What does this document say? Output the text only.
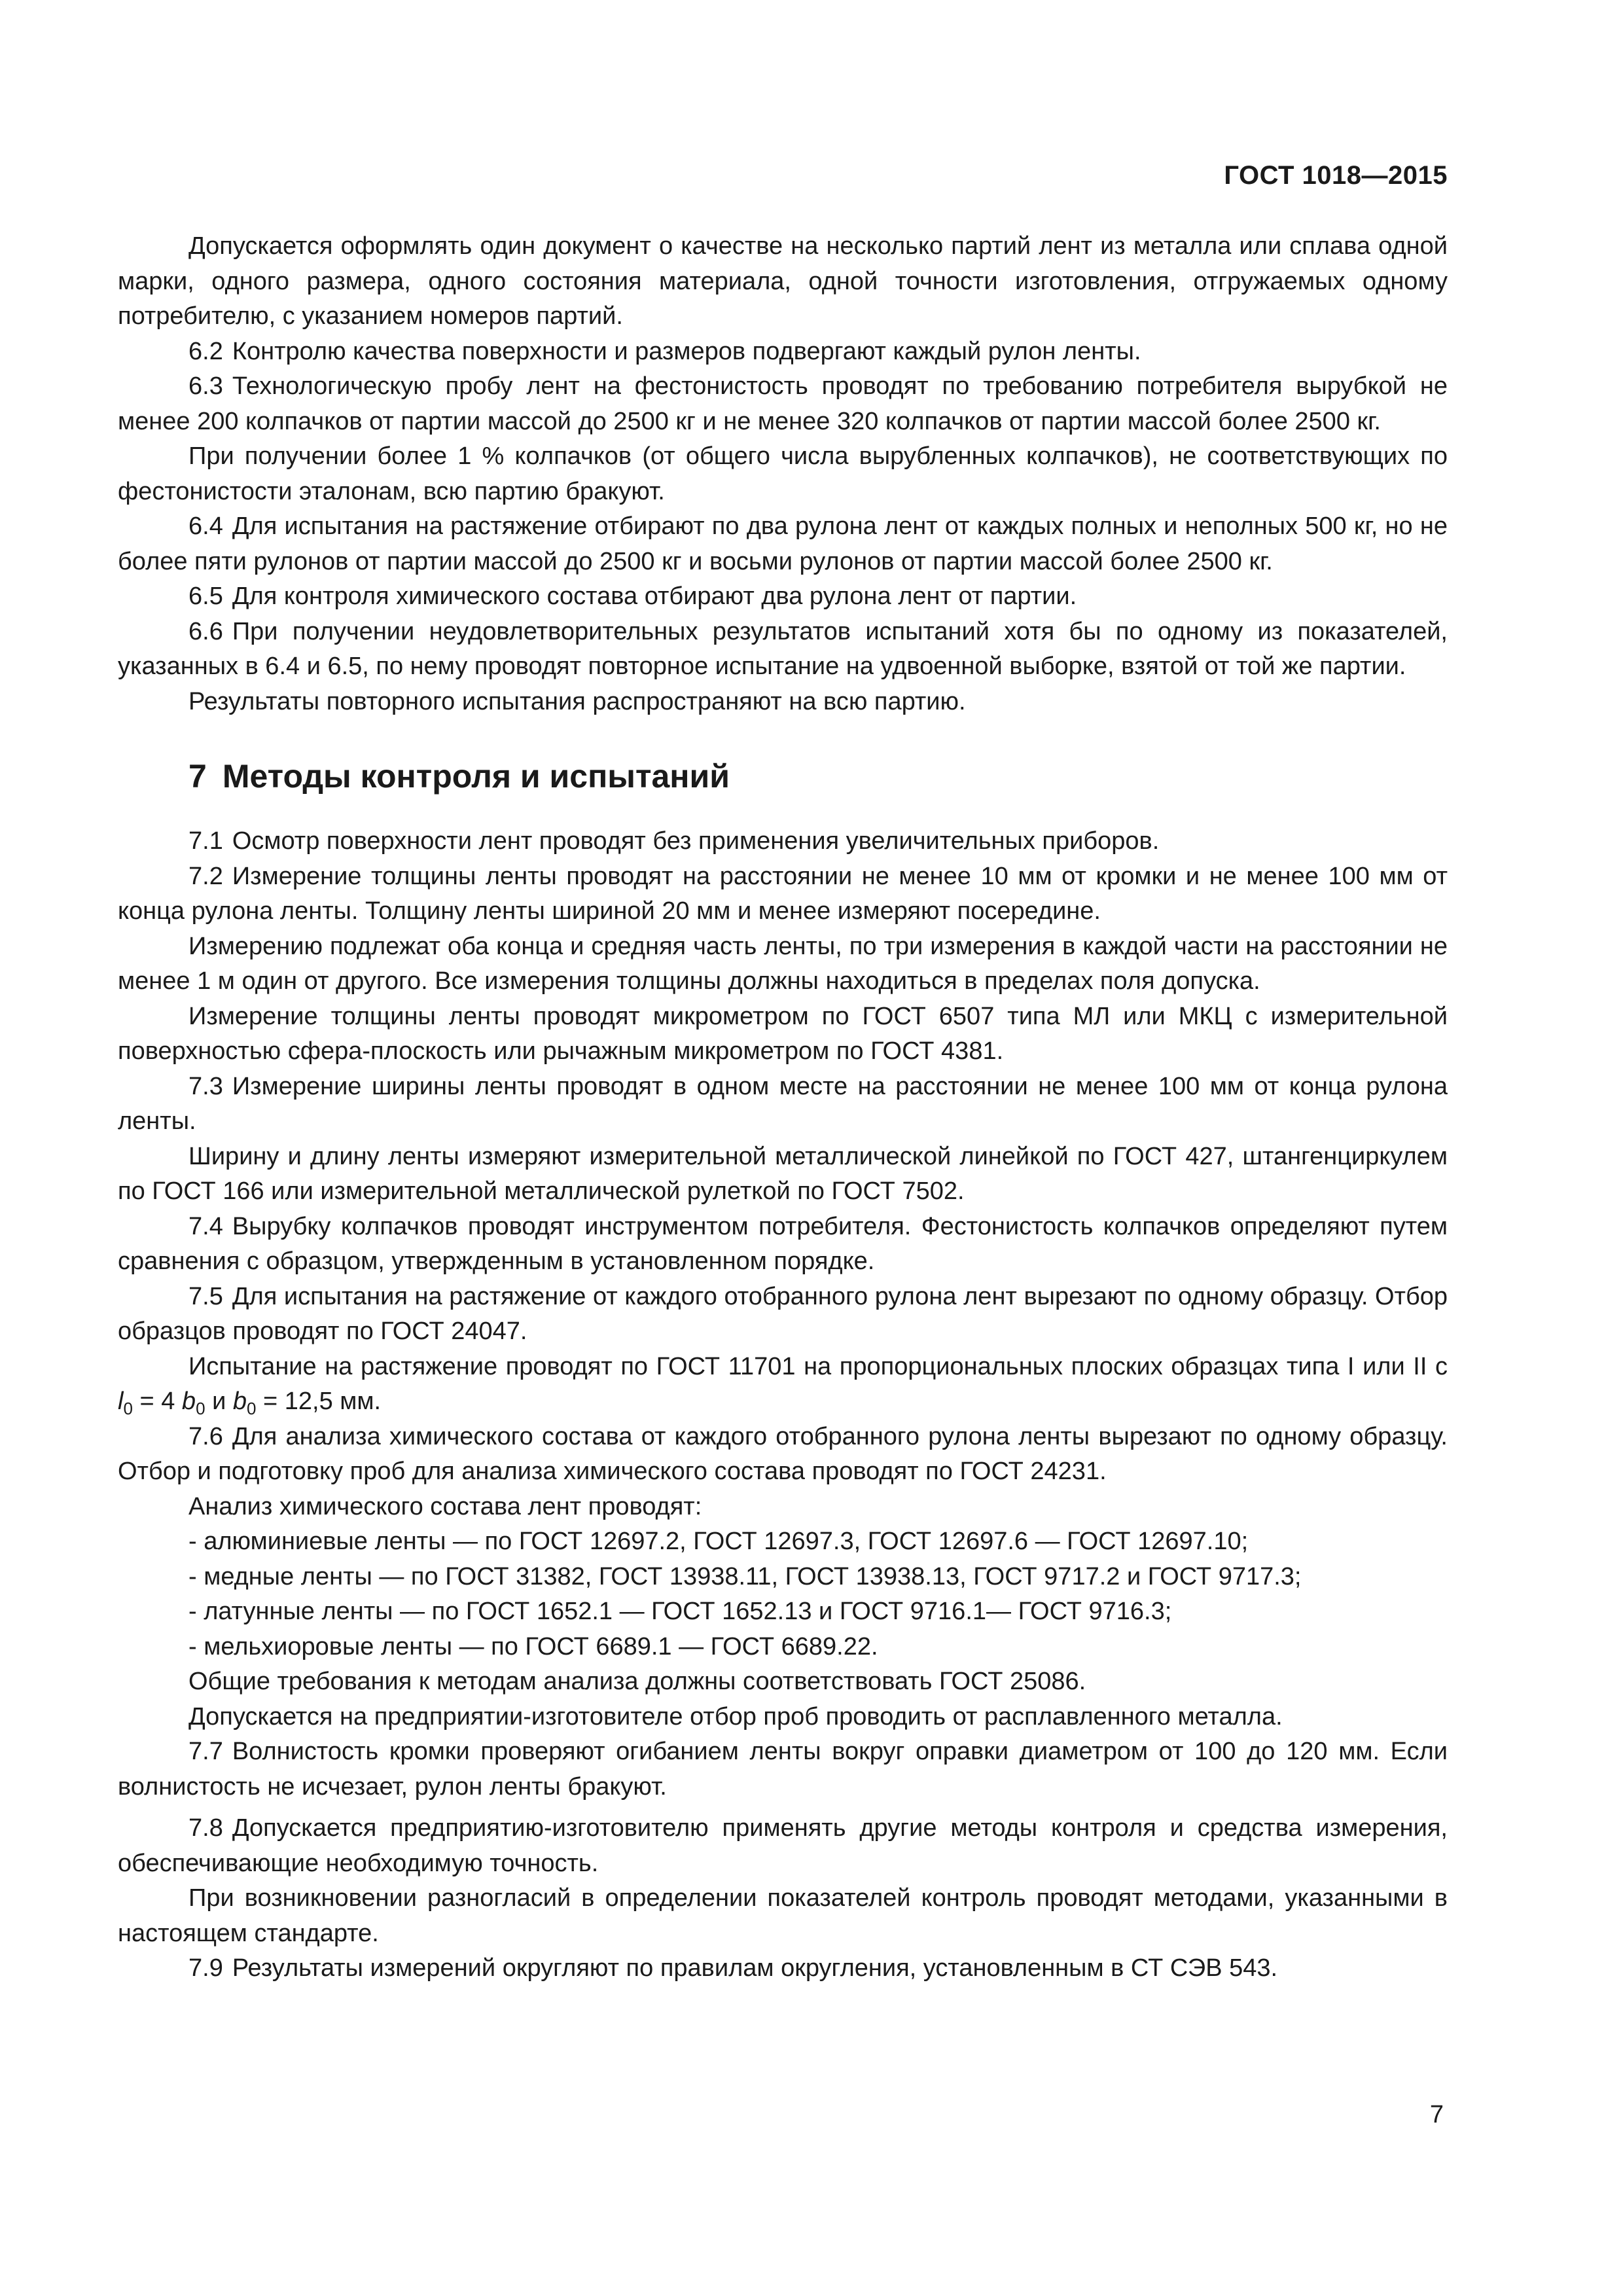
ГОСТ 1018—2015

Допускается оформлять один документ о качестве на несколько партий лент из металла или сплава одной марки, одного размера, одного состояния материала, одной точности изготовления, отгружаемых одному потребителю, с указанием номеров партий.

6.2 Контролю качества поверхности и размеров подвергают каждый рулон ленты.

6.3 Технологическую пробу лент на фестонистость проводят по требованию потребителя вырубкой не менее 200 колпачков от партии массой до 2500 кг и не менее 320 колпачков от партии массой более 2500 кг.

При получении более 1 % колпачков (от общего числа вырубленных колпачков), не соответствующих по фестонистости эталонам, всю партию бракуют.

6.4 Для испытания на растяжение отбирают по два рулона лент от каждых полных и неполных 500 кг, но не более пяти рулонов от партии массой до 2500 кг и восьми рулонов от партии массой более 2500 кг.

6.5 Для контроля химического состава отбирают два рулона лент от партии.

6.6 При получении неудовлетворительных результатов испытаний хотя бы по одному из показателей, указанных в 6.4 и 6.5, по нему проводят повторное испытание на удвоенной выборке, взятой от той же партии.

Результаты повторного испытания распространяют на всю партию.

7 Методы контроля и испытаний

7.1 Осмотр поверхности лент проводят без применения увеличительных приборов.

7.2 Измерение толщины ленты проводят на расстоянии не менее 10 мм от кромки и не менее 100 мм от конца рулона ленты. Толщину ленты шириной 20 мм и менее измеряют посередине.

Измерению подлежат оба конца и средняя часть ленты, по три измерения в каждой части на расстоянии не менее 1 м один от другого. Все измерения толщины должны находиться в пределах поля допуска.

Измерение толщины ленты проводят микрометром по ГОСТ 6507 типа МЛ или МКЦ с измерительной поверхностью сфера-плоскость или рычажным микрометром по ГОСТ 4381.

7.3 Измерение ширины ленты проводят в одном месте на расстоянии не менее 100 мм от конца рулона ленты.

Ширину и длину ленты измеряют измерительной металлической линейкой по ГОСТ 427, штангенциркулем по ГОСТ 166 или измерительной металлической рулеткой по ГОСТ 7502.

7.4 Вырубку колпачков проводят инструментом потребителя. Фестонистость колпачков определяют путем сравнения с образцом, утвержденным в установленном порядке.

7.5 Для испытания на растяжение от каждого отобранного рулона лент вырезают по одному образцу. Отбор образцов проводят по ГОСТ 24047.

Испытание на растяжение проводят по ГОСТ 11701 на пропорциональных плоских образцах типа I или II с $l_0 = 4$ $b_0$ и $b_0 = 12,5$ мм.

7.6 Для анализа химического состава от каждого отобранного рулона ленты вырезают по одному образцу. Отбор и подготовку проб для анализа химического состава проводят по ГОСТ 24231.

Анализ химического состава лент проводят:

- алюминиевые ленты — по ГОСТ 12697.2, ГОСТ 12697.3, ГОСТ 12697.6 — ГОСТ 12697.10;

- медные ленты — по ГОСТ 31382, ГОСТ 13938.11, ГОСТ 13938.13, ГОСТ 9717.2 и ГОСТ 9717.3;

- латунные ленты — по ГОСТ 1652.1 — ГОСТ 1652.13 и ГОСТ 9716.1— ГОСТ 9716.3;

- мельхиоровые ленты — по ГОСТ 6689.1 — ГОСТ 6689.22.

Общие требования к методам анализа должны соответствовать ГОСТ 25086.

Допускается на предприятии-изготовителе отбор проб проводить от расплавленного металла.

7.7 Волнистость кромки проверяют огибанием ленты вокруг оправки диаметром от 100 до 120 мм. Если волнистость не исчезает, рулон ленты бракуют.

7.8 Допускается предприятию-изготовителю применять другие методы контроля и средства измерения, обеспечивающие необходимую точность.

При возникновении разногласий в определении показателей контроль проводят методами, указанными в настоящем стандарте.

7.9 Результаты измерений округляют по правилам округления, установленным в СТ СЭВ 543.

7
